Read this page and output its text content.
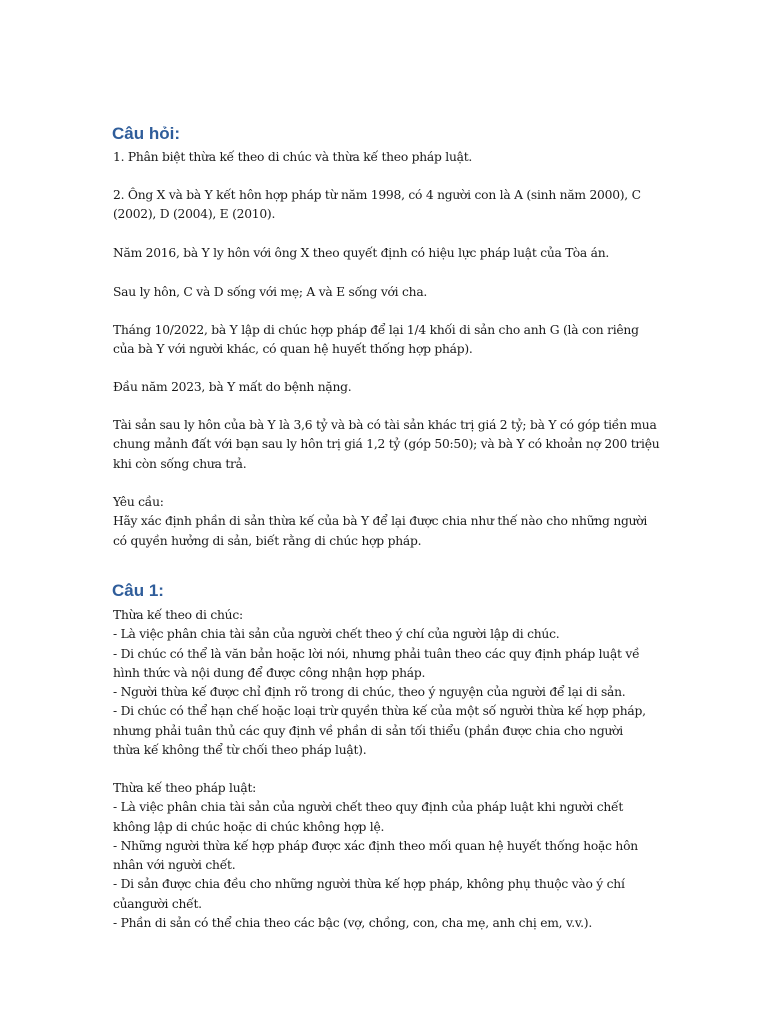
Câu hỏi:
1. Phân biệt thừa kế theo di chúc và thừa kế theo pháp luật.
2. Ông X và bà Y kết hôn hợp pháp từ năm 1998, có 4 người con là A (sinh năm 2000), C
(2002), D (2004), E (2010).
Năm 2016, bà Y ly hôn với ông X theo quyết định có hiệu lực pháp luật của Tòa án.
Sau ly hôn, C và D sống với mẹ; A và E sống với cha.
Tháng 10/2022, bà Y lập di chúc hợp pháp để lại 1/4 khối di sản cho anh G (là con riêng
của bà Y với người khác, có quan hệ huyết thống hợp pháp).
Đầu năm 2023, bà Y mất do bệnh nặng.
Tài sản sau ly hôn của bà Y là 3,6 tỷ và bà có tài sản khác trị giá 2 tỷ; bà Y có góp tiền mua
chung mảnh đất với bạn sau ly hôn trị giá 1,2 tỷ (góp 50:50); và bà Y có khoản nợ 200 triệu
khi còn sống chưa trả.
Yêu cầu:
Hãy xác định phần di sản thừa kế của bà Y để lại được chia như thế nào cho những người
có quyền hưởng di sản, biết rằng di chúc hợp pháp.
Câu 1:
Thừa kế theo di chúc:
- Là việc phân chia tài sản của người chết theo ý chí của người lập di chúc.
- Di chúc có thể là văn bản hoặc lời nói, nhưng phải tuân theo các quy định pháp luật về
hình thức và nội dung để được công nhận hợp pháp.
- Người thừa kế được chỉ định rõ trong di chúc, theo ý nguyện của người để lại di sản.
- Di chúc có thể hạn chế hoặc loại trừ quyền thừa kế của một số người thừa kế hợp pháp,
nhưng phải tuân thủ các quy định về phần di sản tối thiểu (phần được chia cho người
thừa kế không thể từ chối theo pháp luật).
Thừa kế theo pháp luật:
- Là việc phân chia tài sản của người chết theo quy định của pháp luật khi người chết
không lập di chúc hoặc di chúc không hợp lệ.
- Những người thừa kế hợp pháp được xác định theo mối quan hệ huyết thống hoặc hôn
nhân với người chết.
- Di sản được chia đều cho những người thừa kế hợp pháp, không phụ thuộc vào ý chí
củangười chết.
- Phần di sản có thể chia theo các bậc (vợ, chồng, con, cha mẹ, anh chị em, v.v.).
